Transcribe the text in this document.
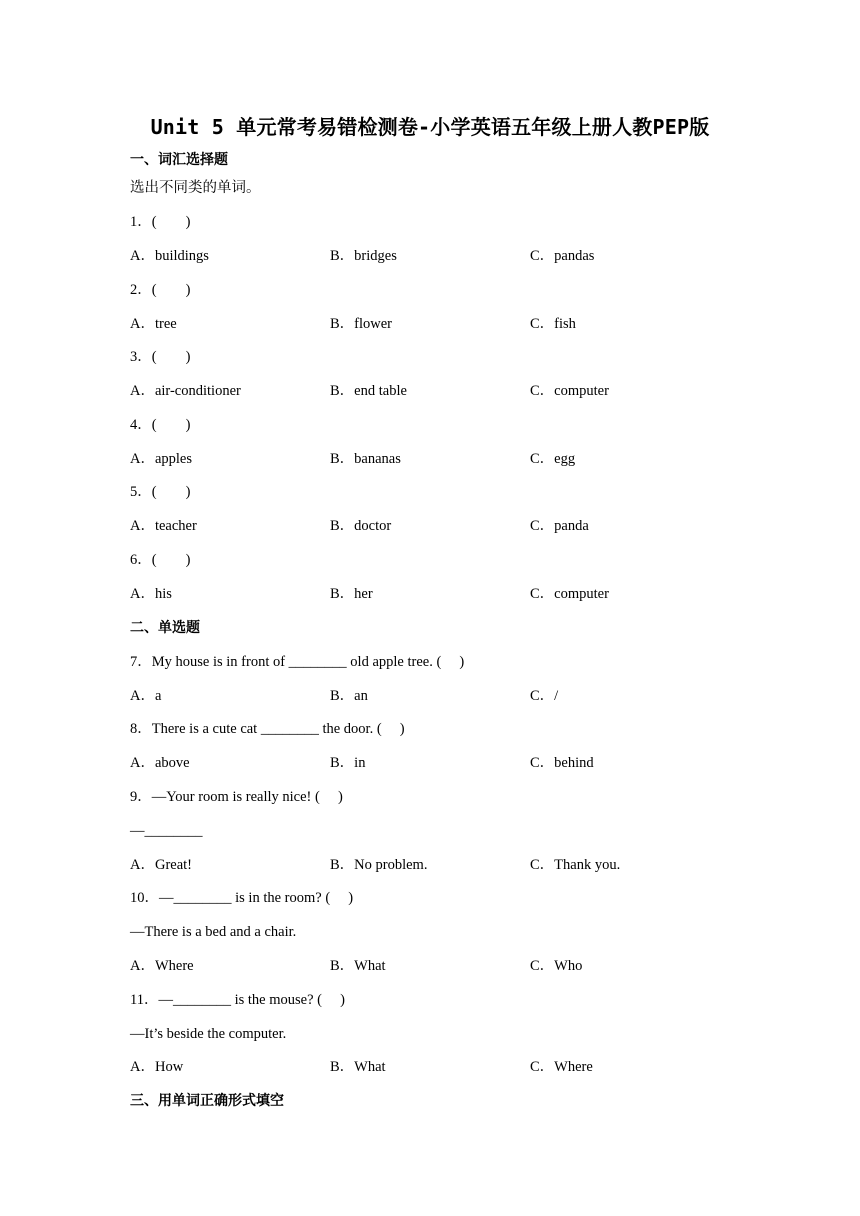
Unit 5 单元常考易错检测卷-小学英语五年级上册人教PEP版
一、词汇选择题
选出不同类的单词。
1．(　　)
A．buildings	B．bridges	C．pandas
2．(　　)
A．tree	B．flower	C．fish
3．(　　)
A．air-conditioner	B．end table	C．computer
4．(　　)
A．apples	B．bananas	C．egg
5．(　　)
A．teacher	B．doctor	C．panda
6．(　　)
A．his	B．her	C．computer
二、单选题
7．My house is in front of ________ old apple tree. (　 )
A．a	B．an	C．/
8．There is a cute cat ________ the door. (　 )
A．above	B．in	C．behind
9．—Your room is really nice! (　 )
—________
A．Great!	B．No problem.	C．Thank you.
10．—________ is in the room? (　 )
—There is a bed and a chair.
A．Where	B．What	C．Who
11．—________ is the mouse? (　 )
—It’s beside the computer.
A．How	B．What	C．Where
三、用单词正确形式填空
